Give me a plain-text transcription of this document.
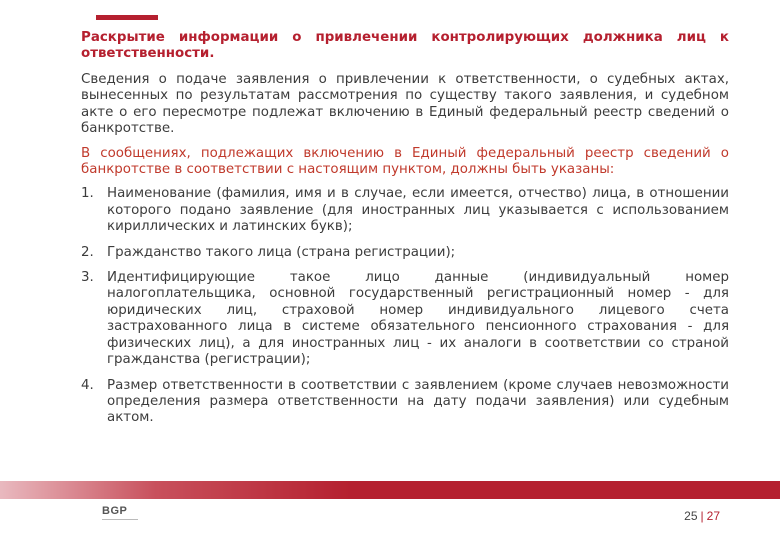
Раскрытие информации о привлечении контролирующих должника лиц к ответственности.

Сведения о подаче заявления о привлечении к ответственности, о судебных актах, вынесенных по результатам рассмотрения по существу такого заявления, и судебном акте о его пересмотре подлежат включению в Единый федеральный реестр сведений о банкротстве.

В сообщениях, подлежащих включению в Единый федеральный реестр сведений о банкротстве в соответствии с настоящим пунктом, должны быть указаны:

1. Наименование (фамилия, имя и в случае, если имеется, отчество) лица, в отношении которого подано заявление (для иностранных лиц указывается с использованием кириллических и латинских букв);
2. Гражданство такого лица (страна регистрации);
3. Идентифицирующие такое лицо данные (индивидуальный номер налогоплательщика, основной государственный регистрационный номер - для юридических лиц, страховой номер индивидуального лицевого счета застрахованного лица в системе обязательного пенсионного страхования - для физических лиц), а для иностранных лиц - их аналоги в соответствии со страной гражданства (регистрации);
4. Размер ответственности в соответствии с заявлением (кроме случаев невозможности определения размера ответственности на дату подачи заявления) или судебным актом.
BGP	25 | 27
